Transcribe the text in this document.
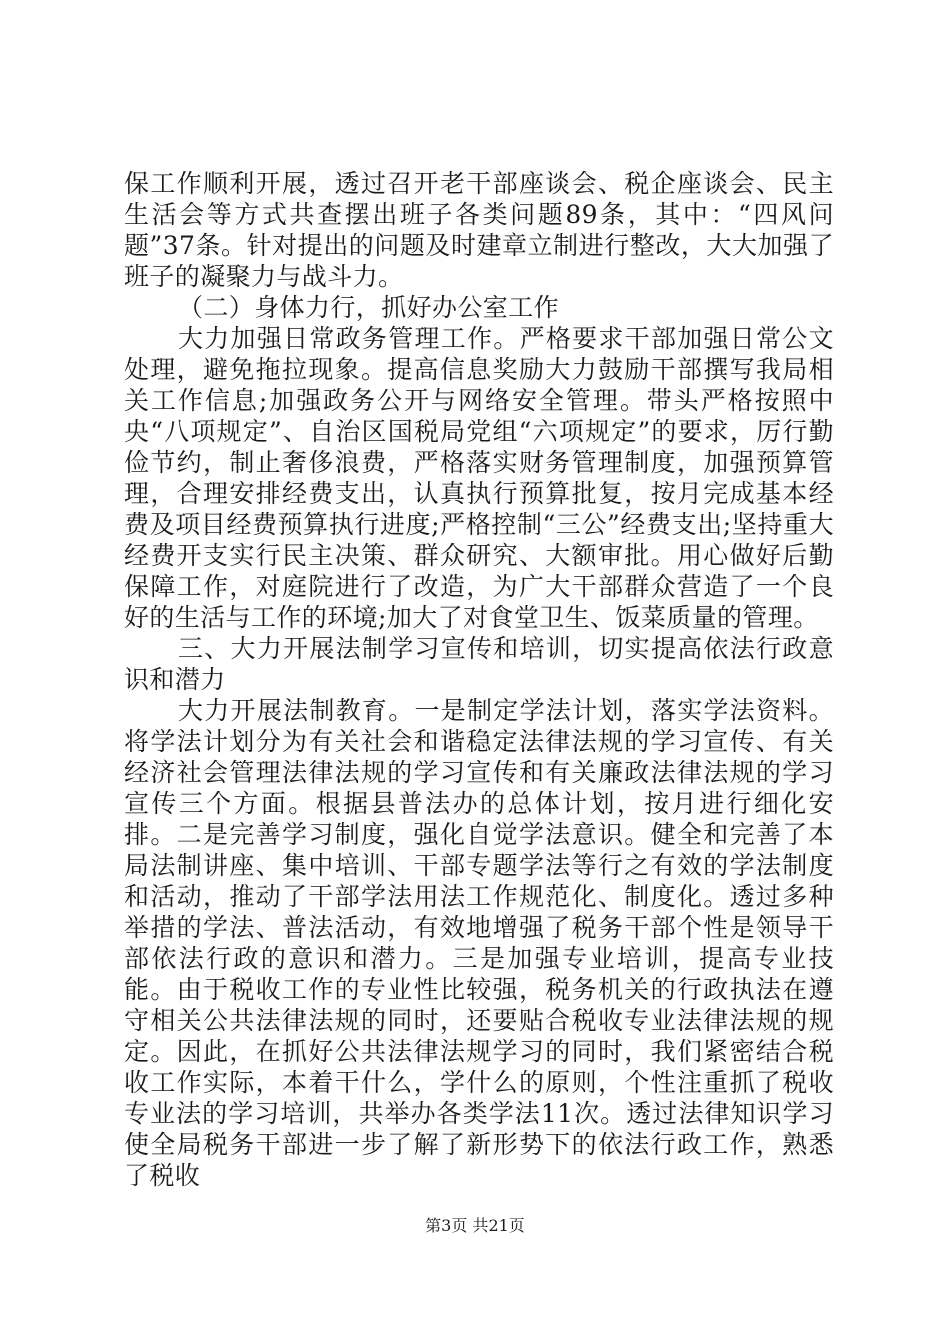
保工作顺利开展，透过召开老干部座谈会、税企座谈会、民主生活会等方式共查摆出班子各类问题89条，其中：“四风问题”37条。针对提出的问题及时建章立制进行整改，大大加强了班子的凝聚力与战斗力。

（二）身体力行，抓好办公室工作

大力加强日常政务管理工作。严格要求干部加强日常公文处理，避免拖拉现象。提高信息奖励大力鼓励干部撰写我局相关工作信息;加强政务公开与网络安全管理。带头严格按照中央“八项规定”、自治区国税局党组“六项规定”的要求，厉行勤俭节约，制止奢侈浪费，严格落实财务管理制度，加强预算管理，合理安排经费支出，认真执行预算批复，按月完成基本经费及项目经费预算执行进度;严格控制“三公”经费支出;坚持重大经费开支实行民主决策、群众研究、大额审批。用心做好后勤保障工作，对庭院进行了改造，为广大干部群众营造了一个良好的生活与工作的环境;加大了对食堂卫生、饭菜质量的管理。

三、大力开展法制学习宣传和培训，切实提高依法行政意识和潜力

大力开展法制教育。一是制定学法计划，落实学法资料。将学法计划分为有关社会和谐稳定法律法规的学习宣传、有关经济社会管理法律法规的学习宣传和有关廉政法律法规的学习宣传三个方面。根据县普法办的总体计划，按月进行细化安排。二是完善学习制度，强化自觉学法意识。健全和完善了本局法制讲座、集中培训、干部专题学法等行之有效的学法制度和活动，推动了干部学法用法工作规范化、制度化。透过多种举措的学法、普法活动，有效地增强了税务干部个性是领导干部依法行政的意识和潜力。三是加强专业培训，提高专业技能。由于税收工作的专业性比较强，税务机关的行政执法在遵守相关公共法律法规的同时，还要贴合税收专业法律法规的规定。因此，在抓好公共法律法规学习的同时，我们紧密结合税收工作实际，本着干什么，学什么的原则，个性注重抓了税收专业法的学习培训，共举办各类学法11次。透过法律知识学习使全局税务干部进一步了解了新形势下的依法行政工作，熟悉了税收

第3页 共21页
